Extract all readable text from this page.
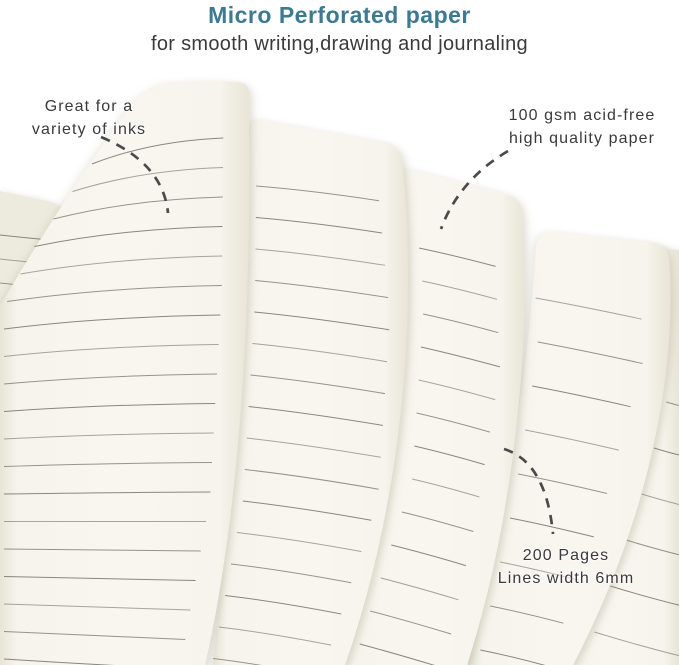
Micro Perforated paper
for smooth writing,drawing and journaling
Great for a
variety of inks
100 gsm acid-free
high quality paper
200 Pages
Lines width 6mm
